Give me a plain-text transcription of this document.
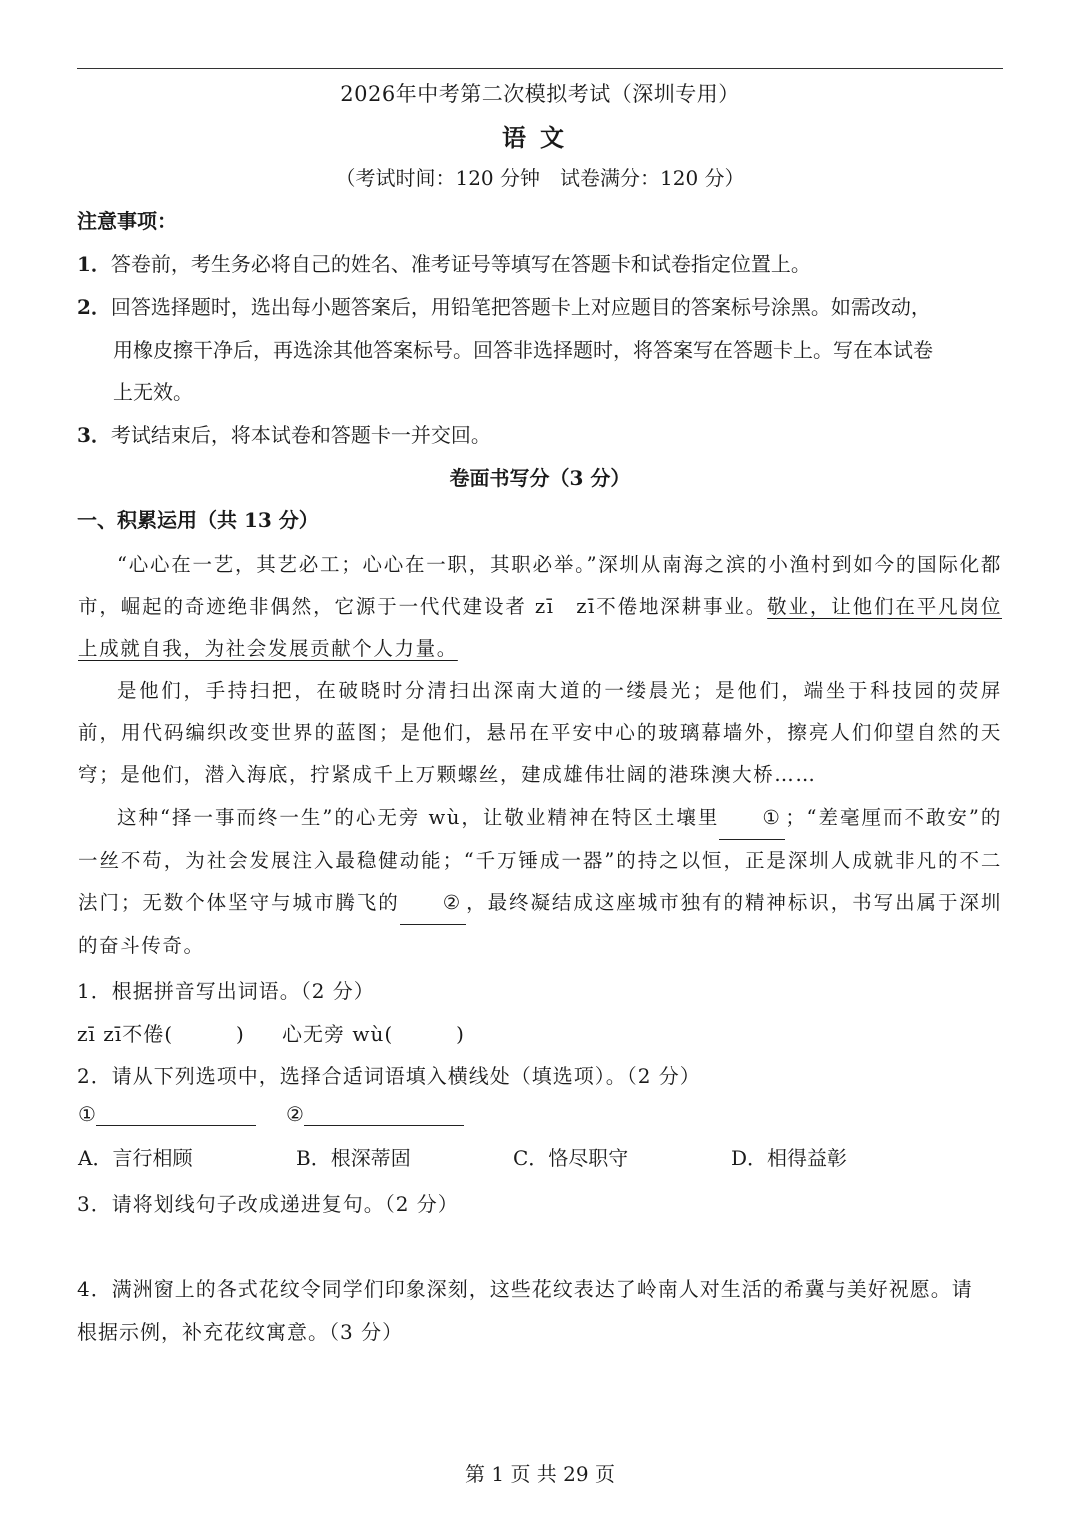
2026年中考第二次模拟考试（深圳专用）
语文
（考试时间：120 分钟　试卷满分：120 分）
注意事项：
1．答卷前，考生务必将自己的姓名、准考证号等填写在答题卡和试卷指定位置上。
2．回答选择题时，选出每小题答案后，用铅笔把答题卡上对应题目的答案标号涂黑。如需改动，
用橡皮擦干净后，再选涂其他答案标号。回答非选择题时，将答案写在答题卡上。写在本试卷
上无效。
3．考试结束后，将本试卷和答题卡一并交回。
卷面书写分（3 分）
一、积累运用（共 13 分）
“心心在一艺，其艺必工；心心在一职，其职必举。”深圳从南海之滨的小渔村到如今的国际化都市，崛起的奇迹绝非偶然，它源于一代代建设者 zī　zī不倦地深耕事业。敬业，让他们在平凡岗位上成就自我，为社会发展贡献个人力量。
是他们，手持扫把，在破晓时分清扫出深南大道的一缕晨光；是他们，端坐于科技园的荧屏前，用代码编织改变世界的蓝图；是他们，悬吊在平安中心的玻璃幕墙外，擦亮人们仰望自然的天穹；是他们，潜入海底，拧紧成千上万颗螺丝，建成雄伟壮阔的港珠澳大桥……
这种“择一事而终一生”的心无旁 wù，让敬业精神在特区土壤里 ① ；“差毫厘而不敢安”的一丝不苟，为社会发展注入最稳健动能；“千万锤成一器”的持之以恒，正是深圳人成就非凡的不二法门；无数个体坚守与城市腾飞的 ② ，最终凝结成这座城市独有的精神标识，书写出属于深圳的奋斗传奇。
1．根据拼音写出词语。（2 分）
zī zī不倦(　　　) 心无旁 wù(　　　)
2．请从下列选项中，选择合适词语填入横线处（填选项）。（2 分）
①	②
A．言行相顾	B．根深蒂固	C．恪尽职守	D．相得益彰
3．请将划线句子改成递进复句。（2 分）
4．满洲窗上的各式花纹令同学们印象深刻，这些花纹表达了岭南人对生活的希冀与美好祝愿。请
根据示例，补充花纹寓意。（3 分）
第 1 页 共 29 页
